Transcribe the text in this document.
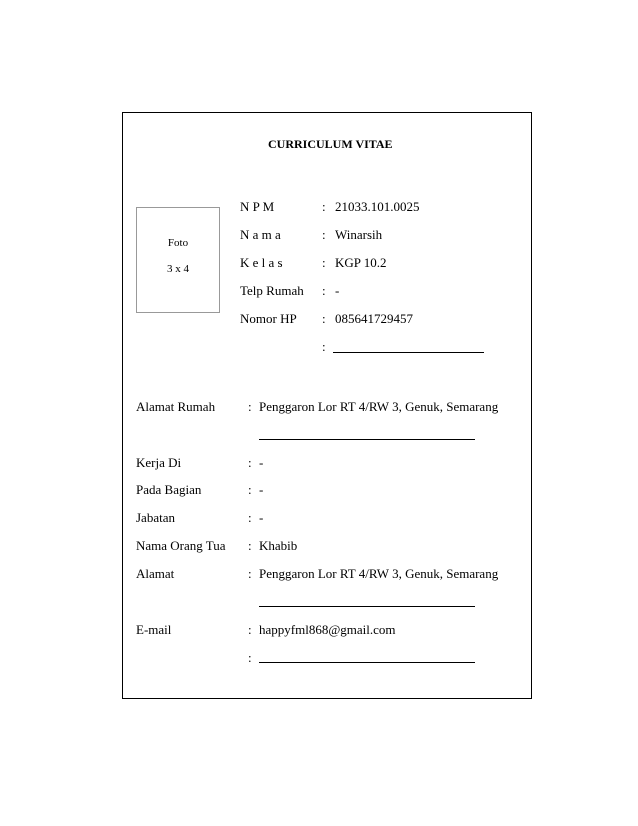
CURRICULUM VITAE
Foto
3 x 4
N P M	: 21033.101.0025
N a m a	: Winarsih
K e l a s	: KGP 10.2
Telp Rumah : -
Nomor HP : 085641729457
:
Alamat Rumah	: Penggaron Lor RT 4/RW 3, Genuk, Semarang
Kerja Di	: -
Pada Bagian	: -
Jabatan	: -
Nama Orang Tua : Khabib
Alamat	: Penggaron Lor RT 4/RW 3, Genuk, Semarang
E-mail	: happyfml868@gmail.com
:
